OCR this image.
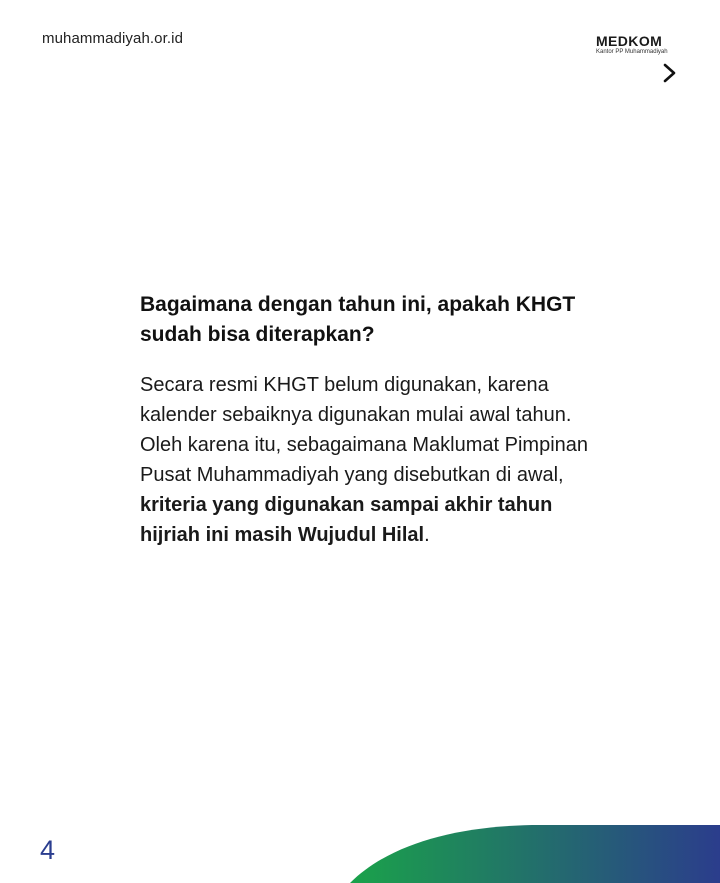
muhammadiyah.or.id	MEDKOM
Kantor PP Muhammadiyah

Bagaimana dengan tahun ini, apakah KHGT sudah bisa diterapkan?

Secara resmi KHGT belum digunakan, karena kalender sebaiknya digunakan mulai awal tahun. Oleh karena itu, sebagaimana Maklumat Pimpinan Pusat Muhammadiyah yang disebutkan di awal, kriteria yang digunakan sampai akhir tahun hijriah ini masih Wujudul Hilal.

4
